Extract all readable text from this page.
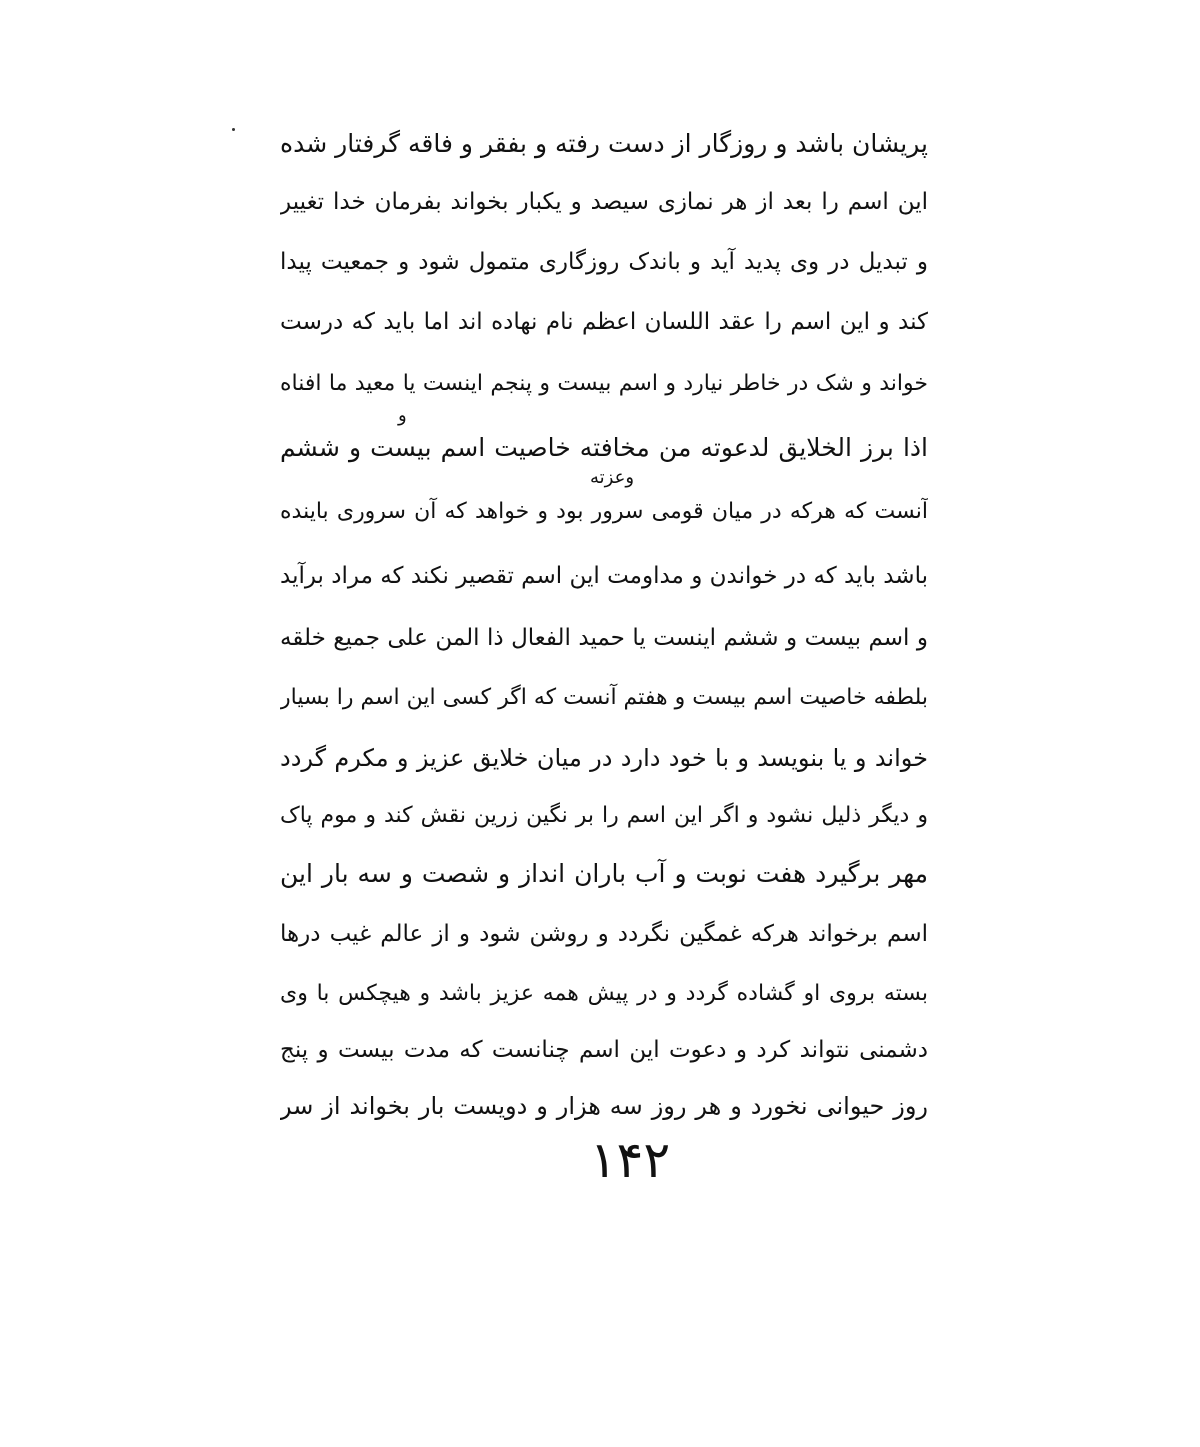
پریشان باشد و روزگار از دست رفته و بفقر و فاقه گرفتار شده
این اسم را بعد از هر نمازی سیصد و یکبار بخواند بفرمان خدا تغییر
و تبدیل در وی پدید آید و باندک روزگاری متمول شود و جمعیت پیدا
کند و این اسم را عقد اللسان اعظم نام نهاده اند اما باید که درست
خواند و شک در خاطر نیارد و اسم بیست و پنجم اینست یا معید ما افناه
اذا برز الخلایق لدعوته من مخافته خاصیت اسم بیست و ششم
آنست که هرکه در میان قومی سرور بود و خواهد که آن سروری باینده
باشد باید که در خواندن و مداومت این اسم تقصیر نکند که مراد برآید
و اسم بیست و ششم اینست یا حمید الفعال ذا المن علی جمیع خلقه
بلطفه خاصیت اسم بیست و هفتم آنست که اگر کسی این اسم را بسیار
خواند و یا بنویسد و با خود دارد در میان خلایق عزیز و مکرم گردد
و دیگر ذلیل نشود و اگر این اسم را بر نگین زرین نقش کند و موم پاک
مهر برگیرد هفت نوبت و آب باران انداز و شصت و سه بار این
اسم برخواند هرکه غمگین نگردد و روشن شود و از عالم غیب درها
بسته بروی او گشاده گردد و در پیش همه عزیز باشد و هیچکس با وی
دشمنی نتواند کرد و دعوت این اسم چنانست که مدت بیست و پنج
روز حیوانی نخورد و هر روز سه هزار و دویست بار بخواند از سر
و
وعزته
۱۴۲
